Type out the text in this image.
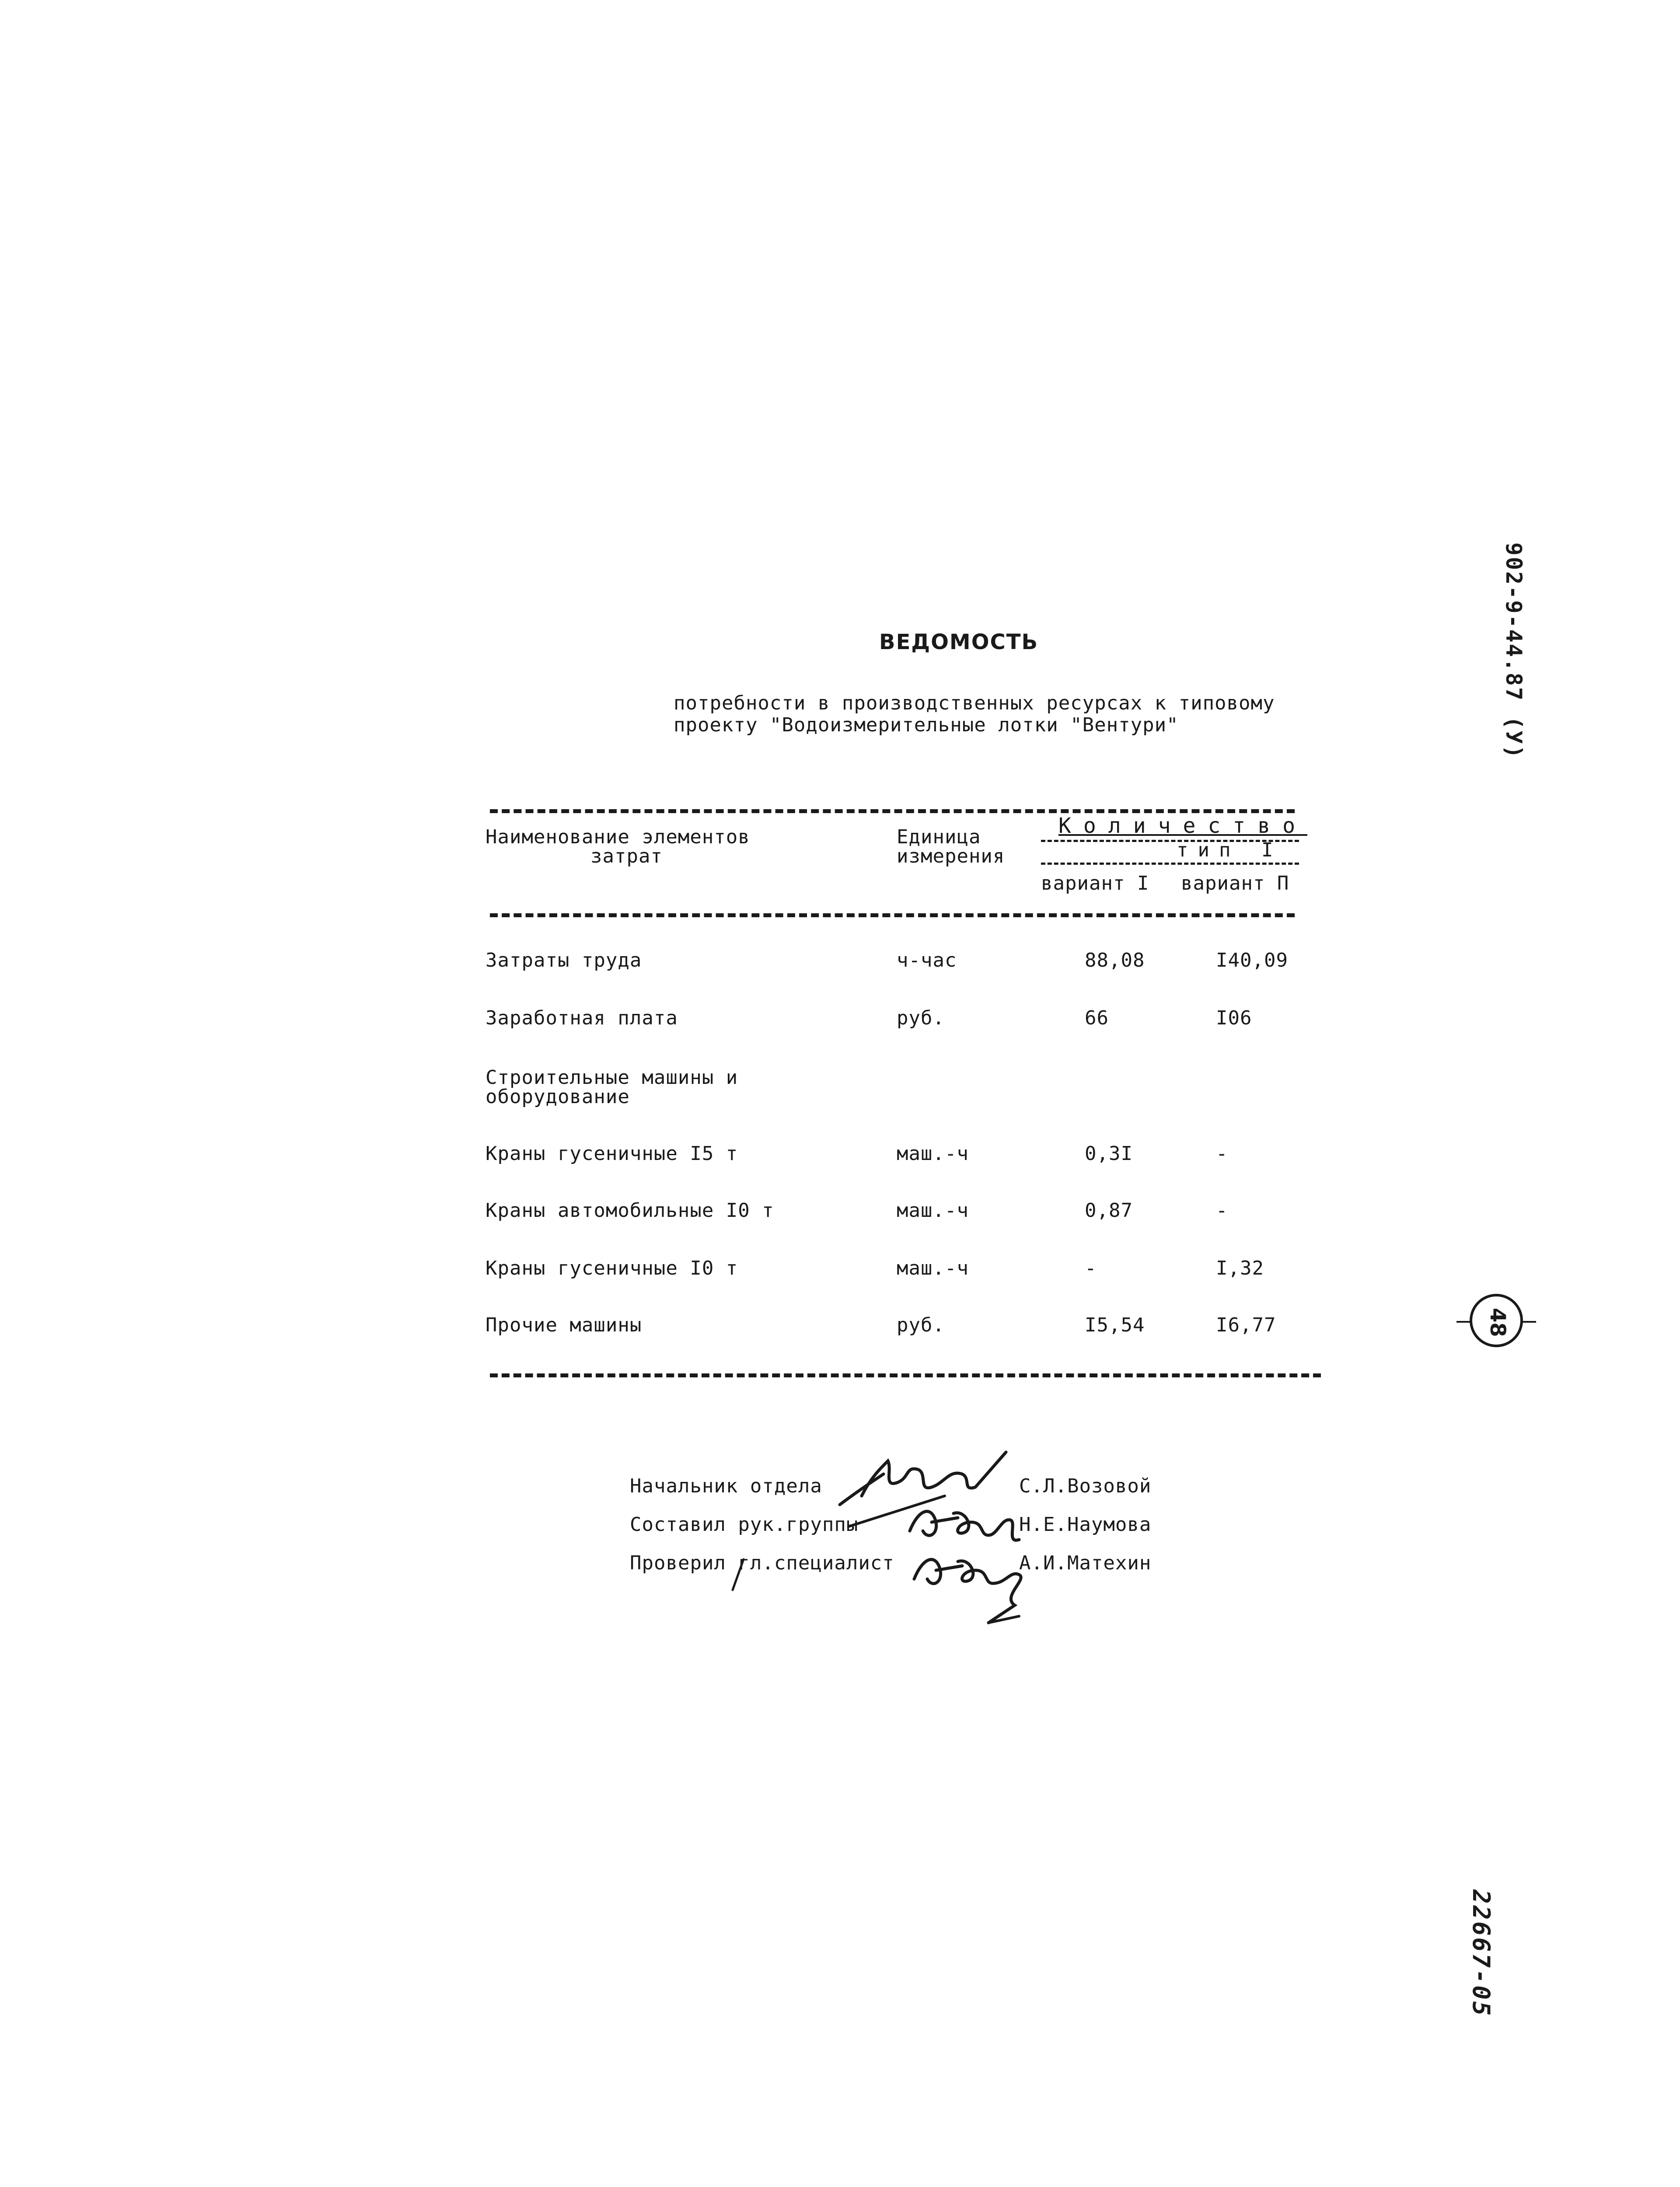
902-9-44.87 (У)
ВЕДОМОСТЬ
потребности в производственных ресурсах к типовому
проекту "Водоизмерительные лотки "Вентури"
Наименование элементов
затрат
Единица
измерения
Количество
тип I
вариант I вариант П
Затраты труда	ч-час	88,08	I40,09
Заработная плата	руб.	66	I06
Строительные машины и
оборудование
Краны гусеничные I5 т	маш.-ч	0,3I	-
Краны автомобильные I0 т	маш.-ч	0,87	-
Краны гусеничные I0 т	маш.-ч	-	I,32
Прочие машины	руб.	I5,54	I6,77	48
Начальник отдела	С.Л.Возовой
Составил рук.группы	Н.Е.Наумова
Проверил гл.специалист	А.И.Матехин
22667-05
